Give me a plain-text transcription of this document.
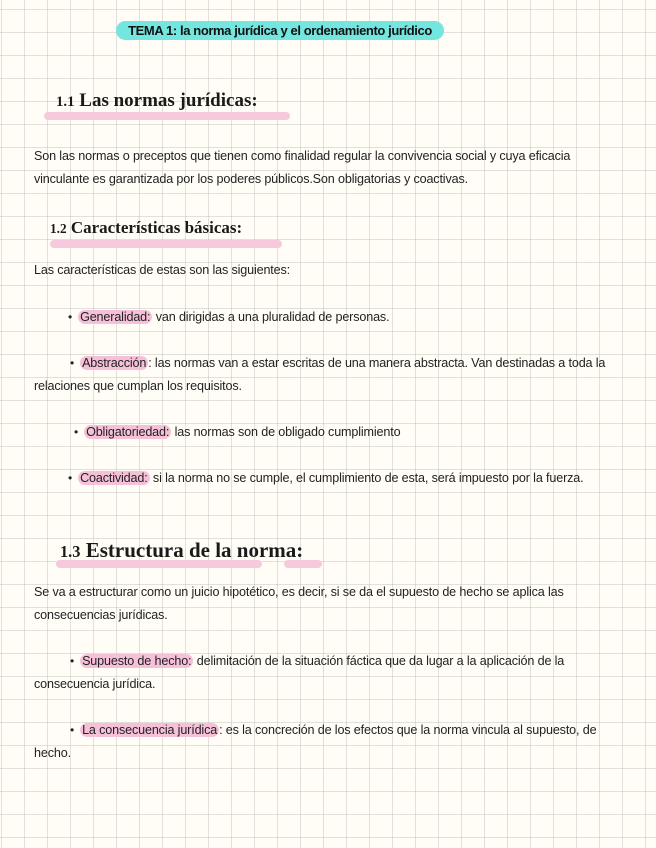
TEMA 1: la norma jurídica y el ordenamiento jurídico
1.1 Las normas jurídicas:
Son las normas o preceptos que tienen como finalidad regular la convivencia social y cuya eficacia vinculante es garantizada por los poderes públicos.Son obligatorias y coactivas.
1.2 Características básicas:
Las características de estas son las siguientes:
• Generalidad: van dirigidas a una pluralidad de personas.
• Abstracción : las normas van a estar escritas de una manera abstracta. Van destinadas a toda la relaciones que cumplan los requisitos.
• Obligatoriedad: las normas son de obligado cumplimiento
• Coactividad: si la norma no se cumple, el cumplimiento de esta, será impuesto por la fuerza.
1.3 Estructura de la norma:
Se va a estructurar como un juicio hipotético, es decir, si se da el supuesto de hecho se aplica las consecuencias jurídicas.
• Supuesto de hecho: delimitación de la situación fáctica que da lugar a la aplicación de la consecuencia jurídica.
• La consecuencia jurídica : es la concreción de los efectos que la norma vincula al supuesto, de hecho.
